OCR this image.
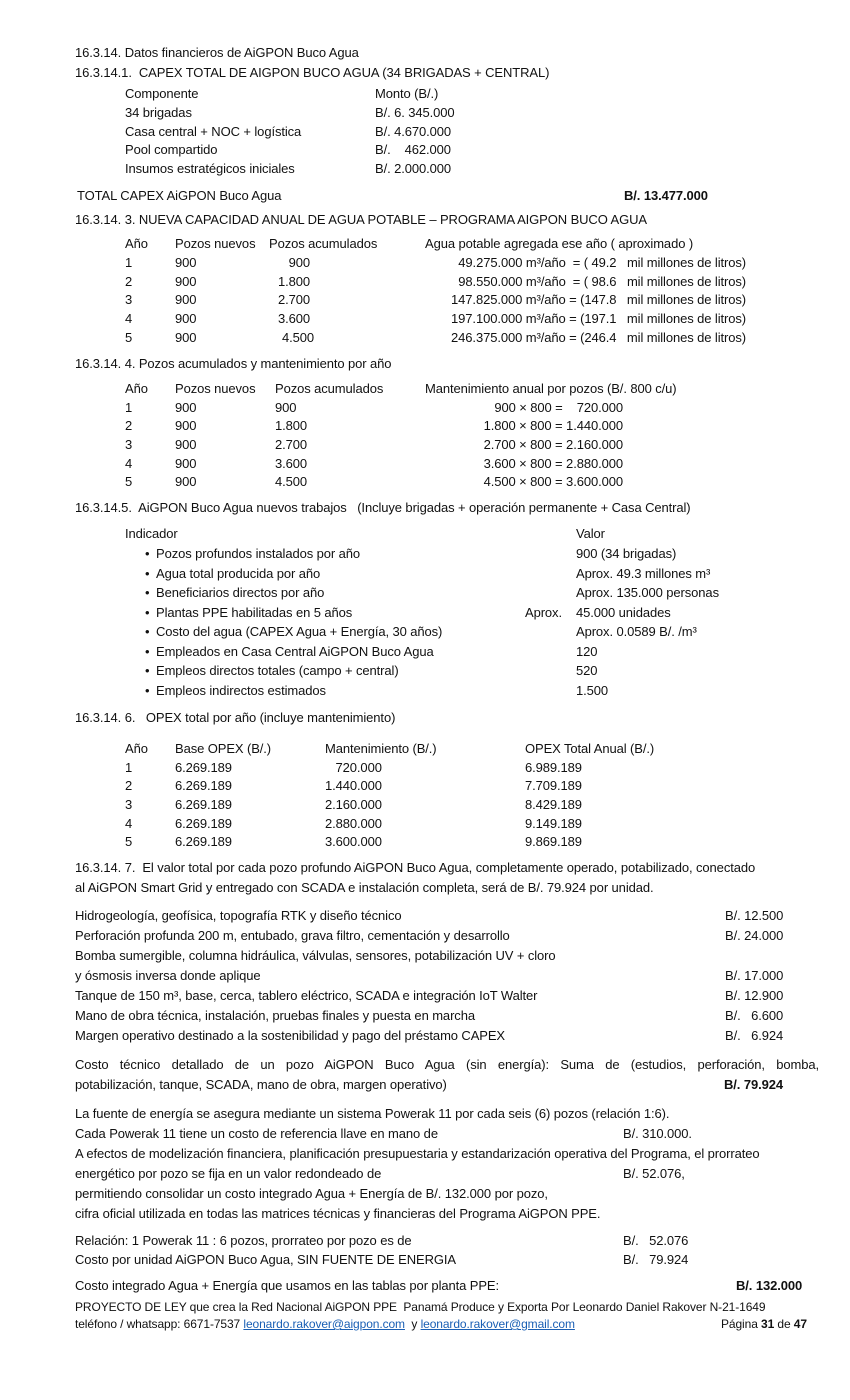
16.3.14. Datos financieros de AiGPON Buco Agua
16.3.14.1.  CAPEX TOTAL DE AIGPON BUCO AGUA (34 BRIGADAS + CENTRAL)
Componente	Monto (B/.)
34 brigadas	B/. 6. 345.000
Casa central + NOC + logística	B/. 4.670.000
Pool compartido	B/.    462.000
Insumos estratégicos iniciales	B/. 2.000.000
TOTAL CAPEX AiGPON Buco Agua	B/. 13.477.000
16.3.14. 3. NUEVA CAPACIDAD ANUAL DE AGUA POTABLE – PROGRAMA AIGPON BUCO AGUA
Año Pozos nuevos Pozos acumulados	Agua potable agregada ese año ( aproximado )
1	900	900	49.275.000 m³/año  = ( 49.2   mil millones de litros)
2	900	1.800	98.550.000 m³/año  = ( 98.6   mil millones de litros)
3	900	2.700	147.825.000 m³/año = (147.8   mil millones de litros)
4	900	3.600	197.100.000 m³/año = (197.1   mil millones de litros)
5	900	4.500	246.375.000 m³/año = (246.4   mil millones de litros)
16.3.14. 4. Pozos acumulados y mantenimiento por año
Año Pozos nuevos Pozos acumulados	Mantenimiento anual por pozos (B/. 800 c/u)
1	900	900	900 × 800 =    720.000
2	900	1.800	1.800 × 800 = 1.440.000
3	900	2.700	2.700 × 800 = 2.160.000
4	900	3.600	3.600 × 800 = 2.880.000
5	900	4.500	4.500 × 800 = 3.600.000
16.3.14.5.  AiGPON Buco Agua nuevos trabajos   (Incluye brigadas + operación permanente + Casa Central)
Indicador	Valor
• Pozos profundos instalados por año	900 (34 brigadas)
• Agua total producida por año	Aprox. 49.3 millones m³
• Beneficiarios directos por año	Aprox. 135.000 personas
• Plantas PPE habilitadas en 5 años	Aprox. 45.000 unidades
• Costo del agua (CAPEX Agua + Energía, 30 años)	Aprox. 0.0589 B/. /m³
• Empleados en Casa Central AiGPON Buco Agua	120
• Empleos directos totales (campo + central)	520
• Empleos indirectos estimados	1.500
16.3.14. 6.   OPEX total por año (incluye mantenimiento)
Año Base OPEX (B/.)	Mantenimiento (B/.)	OPEX Total Anual (B/.)
1	6.269.189	720.000	6.989.189
2	6.269.189	1.440.000	7.709.189
3	6.269.189	2.160.000	8.429.189
4	6.269.189	2.880.000	9.149.189
5	6.269.189	3.600.000	9.869.189
16.3.14. 7.  El valor total por cada pozo profundo AiGPON Buco Agua, completamente operado, potabilizado, conectado
al AiGPON Smart Grid y entregado con SCADA e instalación completa, será de B/. 79.924 por unidad.
Hidrogeología, geofísica, topografía RTK y diseño técnico	B/. 12.500
Perforación profunda 200 m, entubado, grava filtro, cementación y desarrollo	B/. 24.000
Bomba sumergible, columna hidráulica, válvulas, sensores, potabilización UV + cloro
y ósmosis inversa donde aplique	B/. 17.000
Tanque de 150 m³, base, cerca, tablero eléctrico, SCADA e integración IoT Walter	B/. 12.900
Mano de obra técnica, instalación, pruebas finales y puesta en marcha	B/.   6.600
Margen operativo destinado a la sostenibilidad y pago del préstamo CAPEX	B/.   6.924
Costo técnico detallado de un pozo AiGPON Buco Agua (sin energía): Suma de (estudios, perforación, bomba,
potabilización, tanque, SCADA, mano de obra, margen operativo)	B/. 79.924
La fuente de energía se asegura mediante un sistema Powerak 11 por cada seis (6) pozos (relación 1:6).
Cada Powerak 11 tiene un costo de referencia llave en mano de	B/. 310.000.
A efectos de modelización financiera, planificación presupuestaria y estandarización operativa del Programa, el prorrateo
energético por pozo se fija en un valor redondeado de	B/. 52.076,
permitiendo consolidar un costo integrado Agua + Energía de B/. 132.000 por pozo,
cifra oficial utilizada en todas las matrices técnicas y financieras del Programa AiGPON PPE.
Relación: 1 Powerak 11 : 6 pozos, prorrateo por pozo es de	B/.   52.076
Costo por unidad AiGPON Buco Agua, SIN FUENTE DE ENERGIA	B/.   79.924
Costo integrado Agua + Energía que usamos en las tablas por planta PPE:	B/. 132.000
PROYECTO DE LEY que crea la Red Nacional AiGPON PPE  Panamá Produce y Exporta Por Leonardo Daniel Rakover N-21-1649
teléfono / whatsapp: 6671-7537 leonardo.rakover@aigpon.com  y leonardo.rakover@gmail.com	Página 31 de 47
